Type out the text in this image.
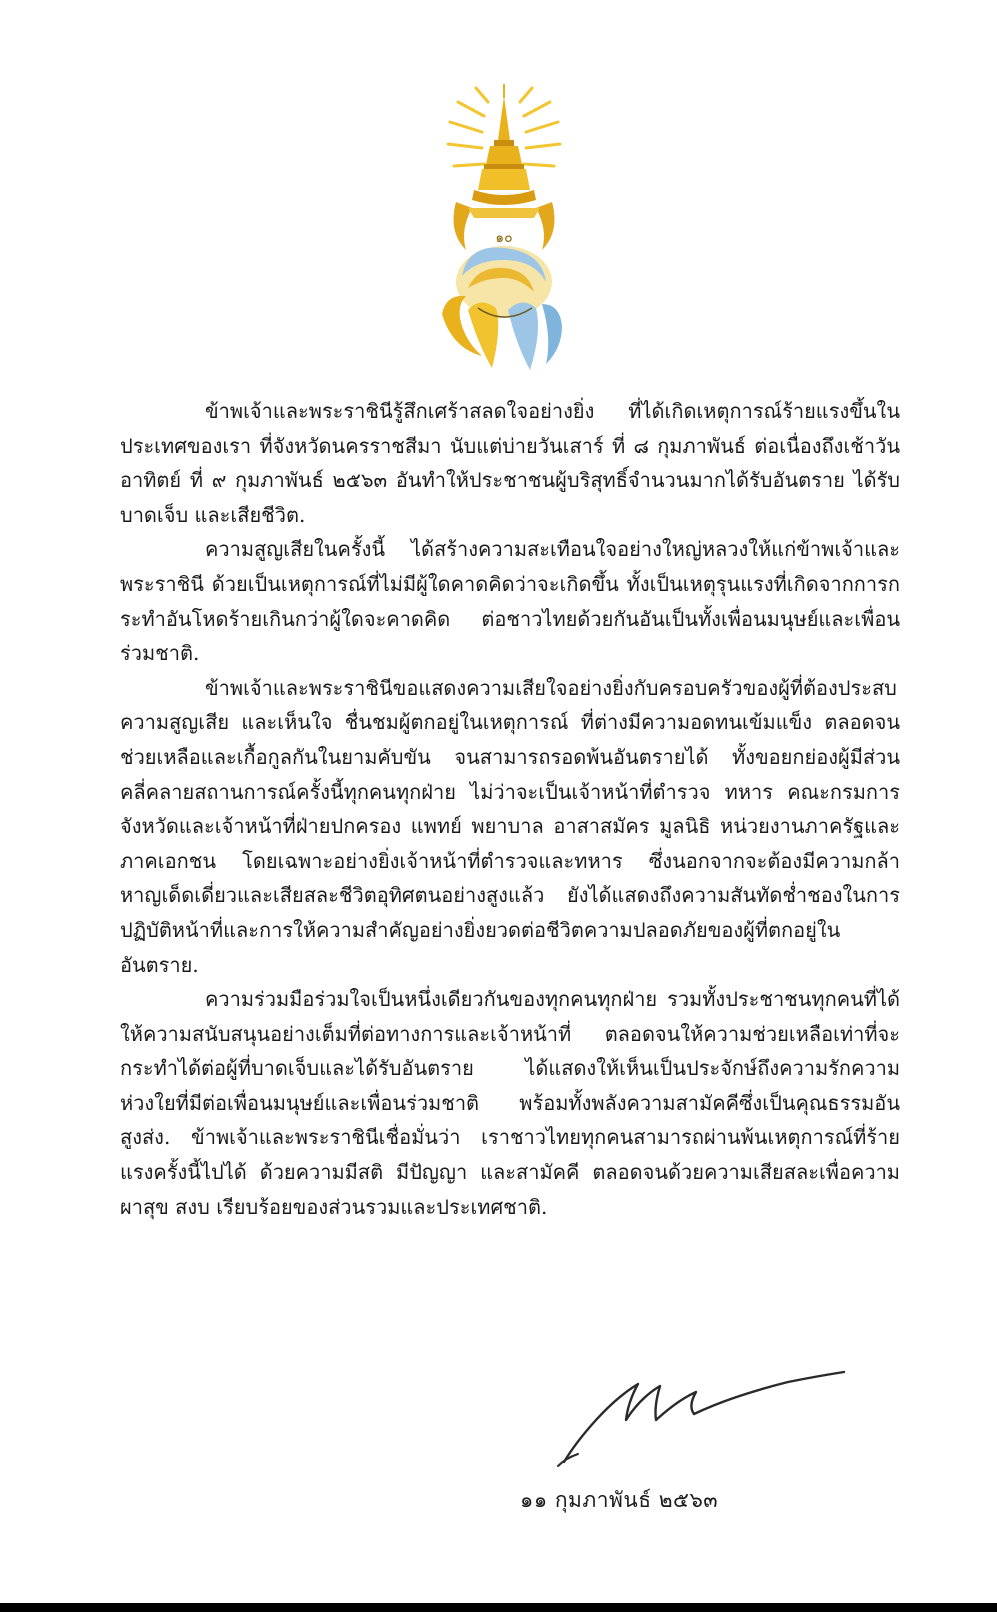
๑๐

ข้าพเจ้าและพระราชินีรู้สึกเศร้าสลดใจอย่างยิ่ง ที่ได้เกิดเหตุการณ์ร้ายแรงขึ้นในประเทศของเรา ที่จังหวัดนครราชสีมา นับแต่บ่ายวันเสาร์ ที่ ๘ กุมภาพันธ์ ต่อเนื่องถึงเช้าวันอาทิตย์ ที่ ๙ กุมภาพันธ์ ๒๕๖๓ อันทำให้ประชาชนผู้บริสุทธิ์จำนวนมากได้รับอันตราย ได้รับบาดเจ็บ และเสียชีวิต.

ความสูญเสียในครั้งนี้ ได้สร้างความสะเทือนใจอย่างใหญ่หลวงให้แก่ข้าพเจ้าและพระราชินี ด้วยเป็นเหตุการณ์ที่ไม่มีผู้ใดคาดคิดว่าจะเกิดขึ้น ทั้งเป็นเหตุรุนแรงที่เกิดจากการกระทำอันโหดร้ายเกินกว่าผู้ใดจะคาดคิด ต่อชาวไทยด้วยกันอันเป็นทั้งเพื่อนมนุษย์และเพื่อนร่วมชาติ.

ข้าพเจ้าและพระราชินีขอแสดงความเสียใจอย่างยิ่งกับครอบครัวของผู้ที่ต้องประสบความสูญเสีย และเห็นใจ ชื่นชมผู้ตกอยู่ในเหตุการณ์ ที่ต่างมีความอดทนเข้มแข็ง ตลอดจนช่วยเหลือและเกื้อกูลกันในยามคับขัน จนสามารถรอดพ้นอันตรายได้ ทั้งขอยกย่องผู้มีส่วนคลี่คลายสถานการณ์ครั้งนี้ทุกคนทุกฝ่าย ไม่ว่าจะเป็นเจ้าหน้าที่ตำรวจ ทหาร คณะกรมการจังหวัดและเจ้าหน้าที่ฝ่ายปกครอง แพทย์ พยาบาล อาสาสมัคร มูลนิธิ หน่วยงานภาครัฐและภาคเอกชน โดยเฉพาะอย่างยิ่งเจ้าหน้าที่ตำรวจและทหาร ซึ่งนอกจากจะต้องมีความกล้าหาญเด็ดเดี่ยวและเสียสละชีวิตอุทิศตนอย่างสูงแล้ว ยังได้แสดงถึงความสันทัดช่ำชองในการปฏิบัติหน้าที่และการให้ความสำคัญอย่างยิ่งยวดต่อชีวิตความปลอดภัยของผู้ที่ตกอยู่ในอันตราย.

ความร่วมมือร่วมใจเป็นหนึ่งเดียวกันของทุกคนทุกฝ่าย รวมทั้งประชาชนทุกคนที่ได้ให้ความสนับสนุนอย่างเต็มที่ต่อทางการและเจ้าหน้าที่ ตลอดจนให้ความช่วยเหลือเท่าที่จะกระทำได้ต่อผู้ที่บาดเจ็บและได้รับอันตราย ได้แสดงให้เห็นเป็นประจักษ์ถึงความรักความห่วงใยที่มีต่อเพื่อนมนุษย์และเพื่อนร่วมชาติ พร้อมทั้งพลังความสามัคคีซึ่งเป็นคุณธรรมอันสูงส่ง. ข้าพเจ้าและพระราชินีเชื่อมั่นว่า เราชาวไทยทุกคนสามารถผ่านพ้นเหตุการณ์ที่ร้ายแรงครั้งนี้ไปได้ ด้วยความมีสติ มีปัญญา และสามัคคี ตลอดจนด้วยความเสียสละเพื่อความผาสุข สงบ เรียบร้อยของส่วนรวมและประเทศชาติ.

๑๑ กุมภาพันธ์ ๒๕๖๓
